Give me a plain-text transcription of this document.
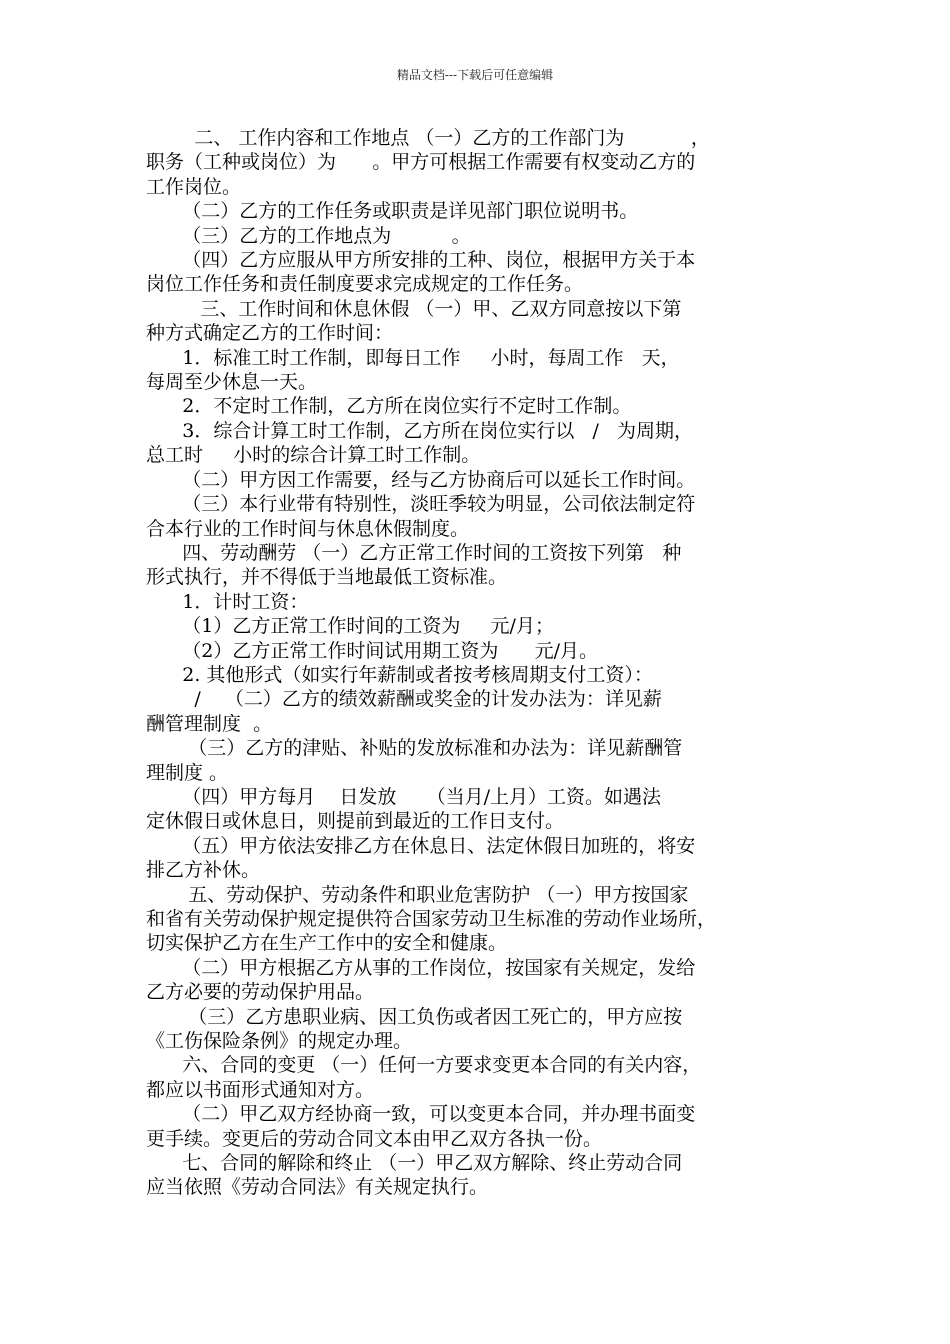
精品文档---下载后可任意编辑

二、 工作内容和工作地点 （一）乙方的工作部门为           ，
职务（工种或岗位）为      。甲方可根据工作需要有权变动乙方的
工作岗位。

（二）乙方的工作任务或职责是详见部门职位说明书。

（三）乙方的工作地点为          。

（四）乙方应服从甲方所安排的工种、岗位，根据甲方关于本
岗位工作任务和责任制度要求完成规定的工作任务。

三、工作时间和休息休假 （一）甲、乙双方同意按以下第
种方式确定乙方的工作时间：

1．标准工时工作制，即每日工作     小时，每周工作   天，
每周至少休息一天。

2．不定时工作制，乙方所在岗位实行不定时工作制。

3．综合计算工时工作制，乙方所在岗位实行以   /   为周期，
总工时     小时的综合计算工时工作制。

（二）甲方因工作需要，经与乙方协商后可以延长工作时间。

（三）本行业带有特别性，淡旺季较为明显，公司依法制定符
合本行业的工作时间与休息休假制度。

四、劳动酬劳 （一）乙方正常工作时间的工资按下列第   种
形式执行，并不得低于当地最低工资标准。

1．计时工资：

（1）乙方正常工作时间的工资为     元/月；

（2）乙方正常工作时间试用期工资为      元/月。

2. 其他形式（如实行年薪制或者按考核周期支付工资）：
/    （二）乙方的绩效薪酬或奖金的计发办法为：详见薪
酬管理制度  。

（三）乙方的津贴、补贴的发放标准和办法为：详见薪酬管
理制度 。

（四）甲方每月    日发放     （当月/上月）工资。如遇法
定休假日或休息日，则提前到最近的工作日支付。

（五）甲方依法安排乙方在休息日、法定休假日加班的，将安
排乙方补休。

五、劳动保护、劳动条件和职业危害防护 （一）甲方按国家
和省有关劳动保护规定提供符合国家劳动卫生标准的劳动作业场所，
切实保护乙方在生产工作中的安全和健康。

（二）甲方根据乙方从事的工作岗位，按国家有关规定，发给
乙方必要的劳动保护用品。

（三）乙方患职业病、因工负伤或者因工死亡的，甲方应按
《工伤保险条例》的规定办理。

六、合同的变更 （一）任何一方要求变更本合同的有关内容，
都应以书面形式通知对方。

（二）甲乙双方经协商一致，可以变更本合同，并办理书面变
更手续。变更后的劳动合同文本由甲乙双方各执一份。

七、合同的解除和终止 （一）甲乙双方解除、终止劳动合同
应当依照《劳动合同法》有关规定执行。
